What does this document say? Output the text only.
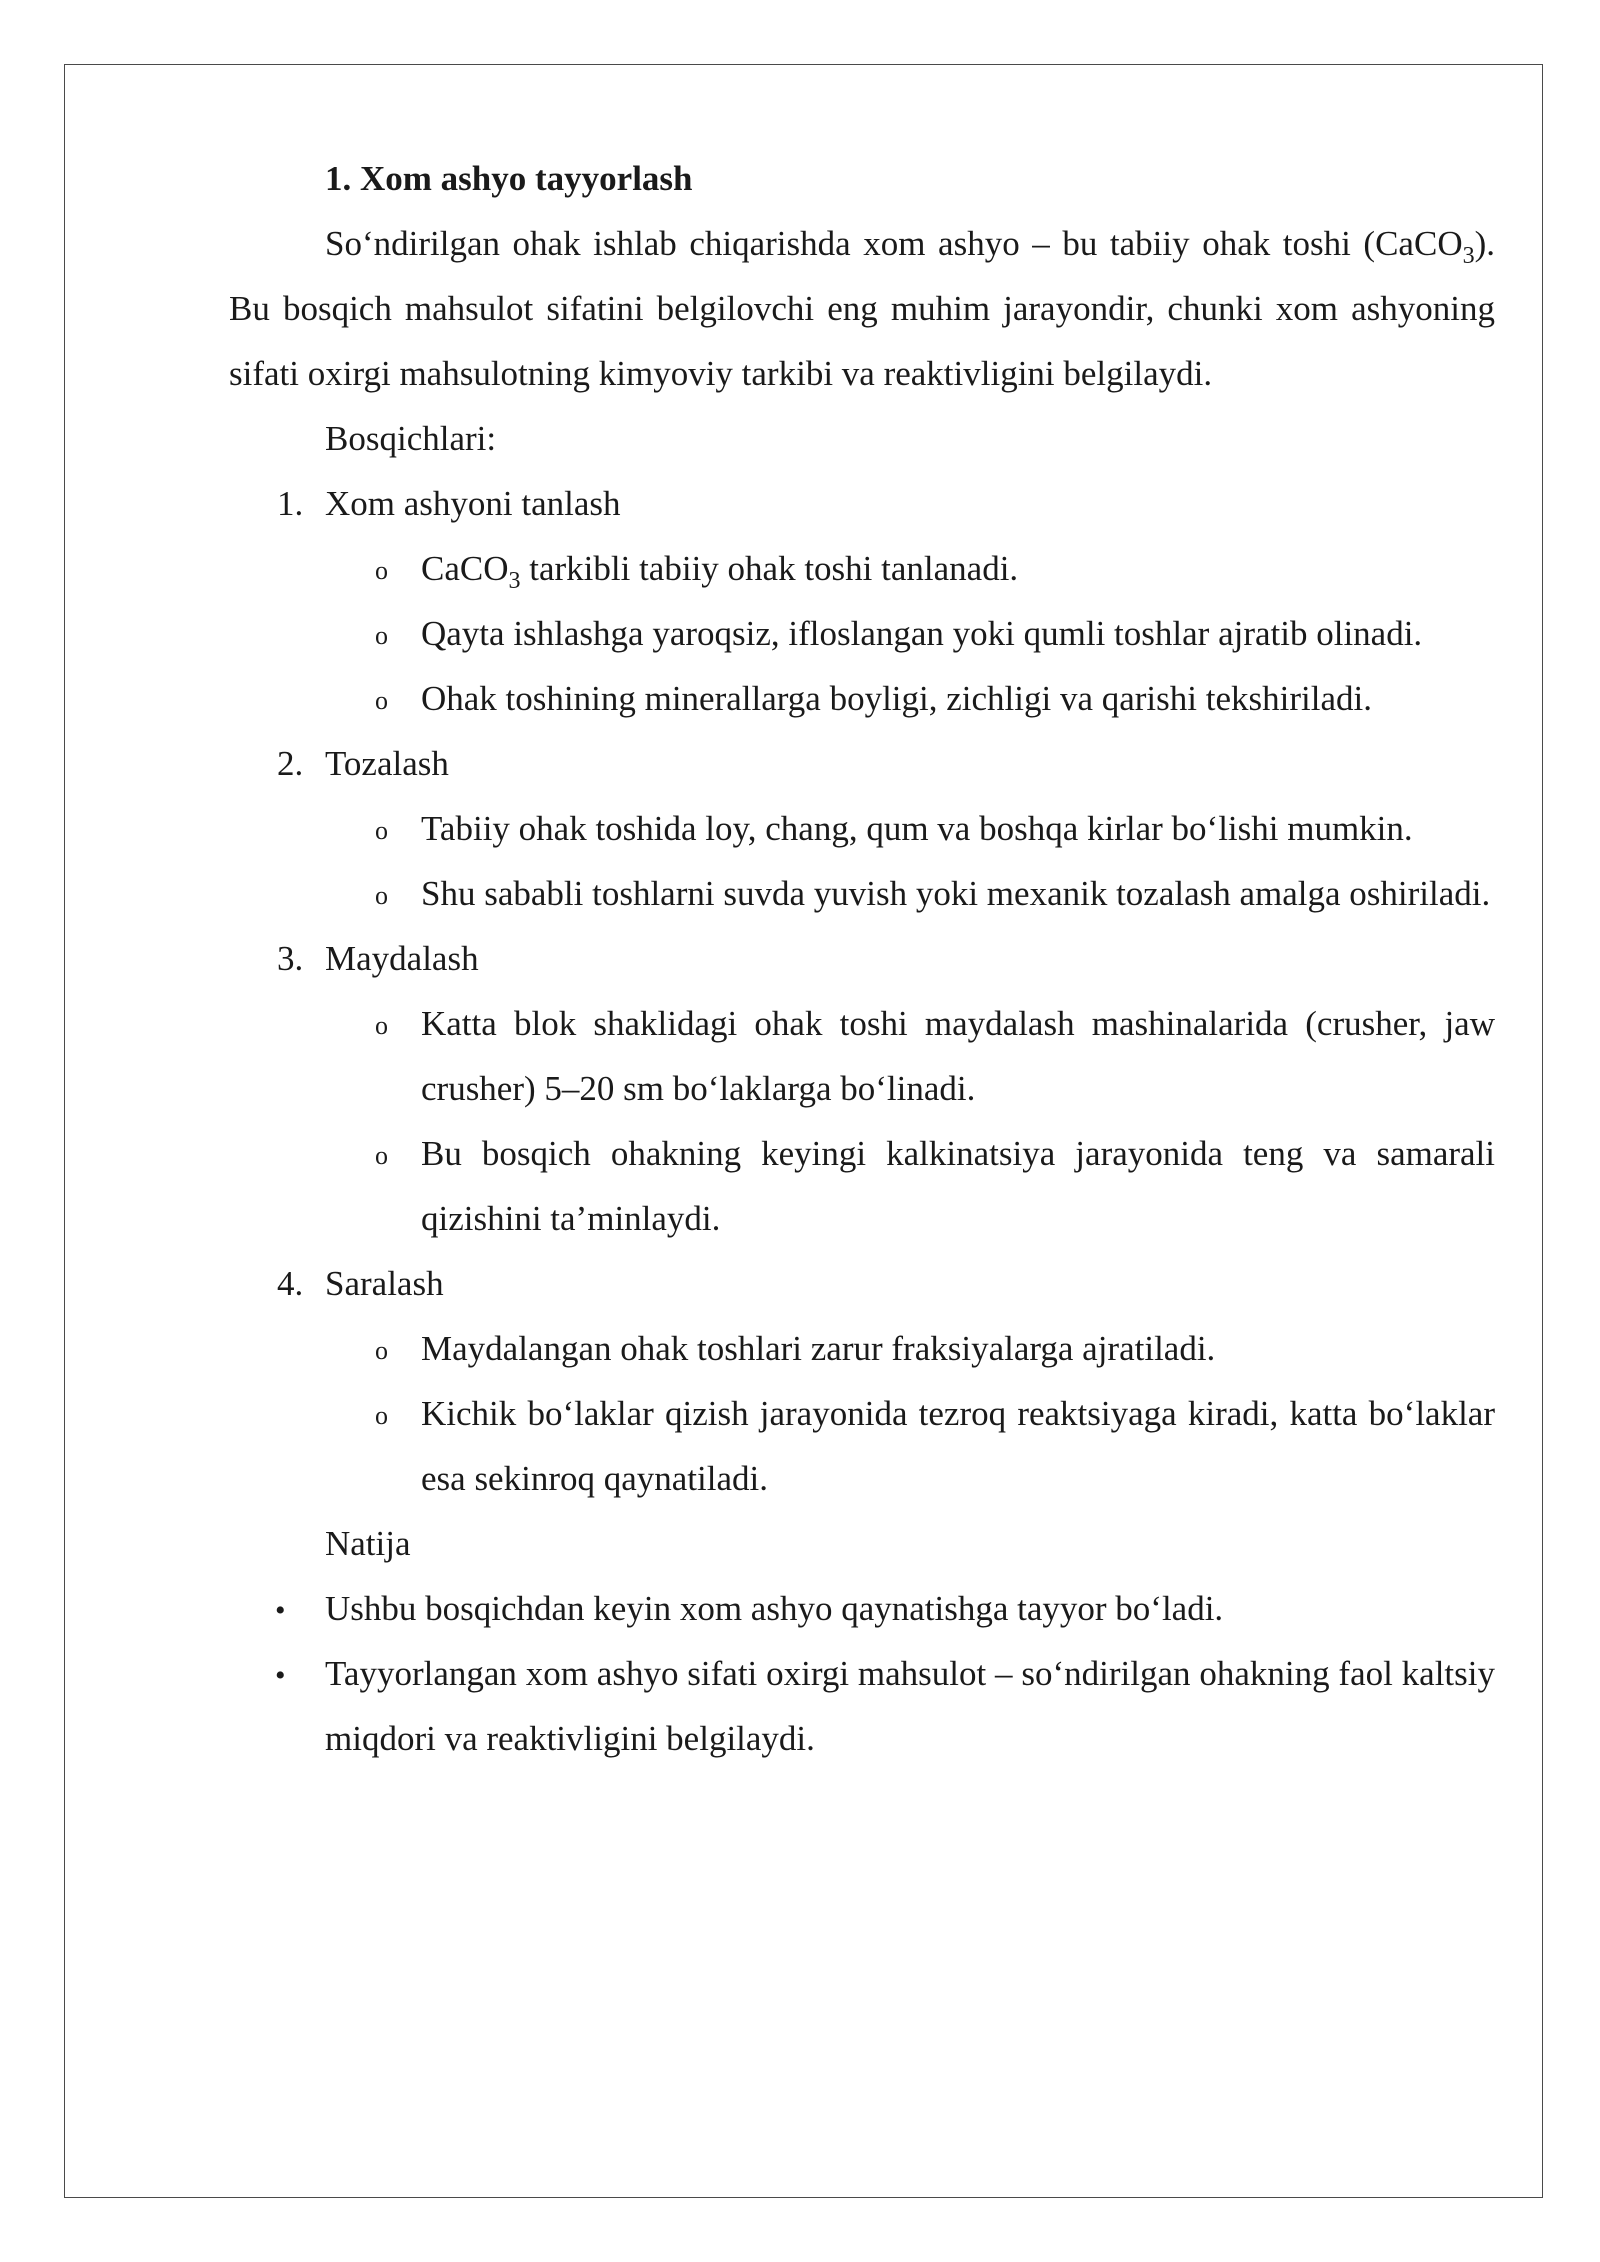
1. Xom ashyo tayyorlash

So‘ndirilgan ohak ishlab chiqarishda xom ashyo – bu tabiiy ohak toshi (CaCO$_3$). Bu bosqich mahsulot sifatini belgilovchi eng muhim jarayondir, chunki xom ashyoning sifati oxirgi mahsulotning kimyoviy tarkibi va reaktivligini belgilaydi.

Bosqichlari:

1. Xom ashyoni tanlash
o CaCO$_3$ tarkibli tabiiy ohak toshi tanlanadi.
o Qayta ishlashga yaroqsiz, ifloslangan yoki qumli toshlar ajratib olinadi.
o Ohak toshining minerallarga boyligi, zichligi va qarishi tekshiriladi.
2. Tozalash
o Tabiiy ohak toshida loy, chang, qum va boshqa kirlar bo‘lishi mumkin.
o Shu sababli toshlarni suvda yuvish yoki mexanik tozalash amalga oshiriladi.
3. Maydalash
o Katta blok shaklidagi ohak toshi maydalash mashinalarida (crusher, jaw crusher) 5–20 sm bo‘laklarga bo‘linadi.
o Bu bosqich ohakning keyingi kalkinatsiya jarayonida teng va samarali qizishini ta’minlaydi.
4. Saralash
o Maydalangan ohak toshlari zarur fraksiyalarga ajratiladi.
o Kichik bo‘laklar qizish jarayonida tezroq reaktsiyaga kiradi, katta bo‘laklar esa sekinroq qaynatiladi.

Natija

• Ushbu bosqichdan keyin xom ashyo qaynatishga tayyor bo‘ladi.
• Tayyorlangan xom ashyo sifati oxirgi mahsulot – so‘ndirilgan ohakning faol kaltsiy miqdori va reaktivligini belgilaydi.
